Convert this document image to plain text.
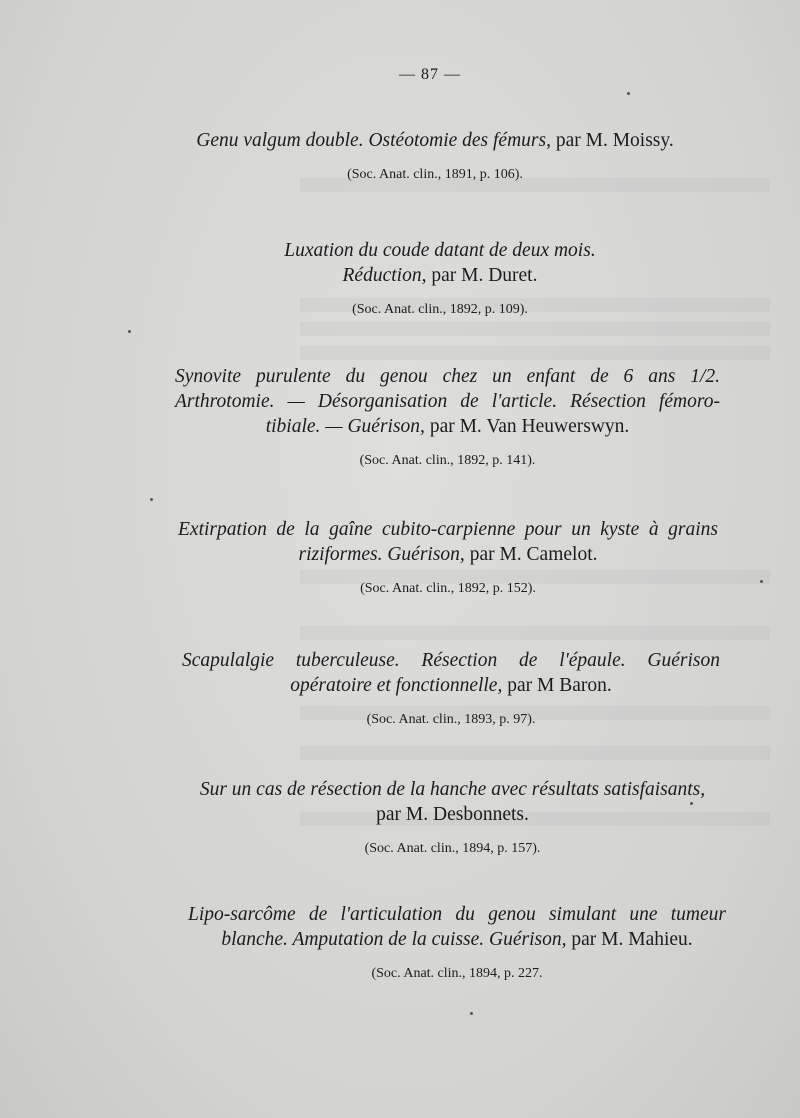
— 87 —

Genu valgum double. Ostéotomie des fémurs, par M. Moissy.

(Soc. Anat. clin., 1891, p. 106).

Luxation du coude datant de deux mois.
Réduction, par M. Duret.

(Soc. Anat. clin., 1892, p. 109).

Synovite purulente du genou chez un enfant de 6 ans 1/2. Arthrotomie. — Désorganisation de l'article. Résection fémoro-tibiale. — Guérison, par M. Van Heuwerswyn.

(Soc. Anat. clin., 1892, p. 141).

Extirpation de la gaîne cubito-carpienne pour un kyste à grains riziformes. Guérison, par M. Camelot.

(Soc. Anat. clin., 1892, p. 152).

Scapulalgie tuberculeuse. Résection de l'épaule. Guérison opératoire et fonctionnelle, par M Baron.

(Soc. Anat. clin., 1893, p. 97).

Sur un cas de résection de la hanche avec résultats satisfaisants,
par M. Desbonnets.

(Soc. Anat. clin., 1894, p. 157).

Lipo-sarcôme de l'articulation du genou simulant une tumeur blanche. Amputation de la cuisse. Guérison, par M. Mahieu.

(Soc. Anat. clin., 1894, p. 227.
